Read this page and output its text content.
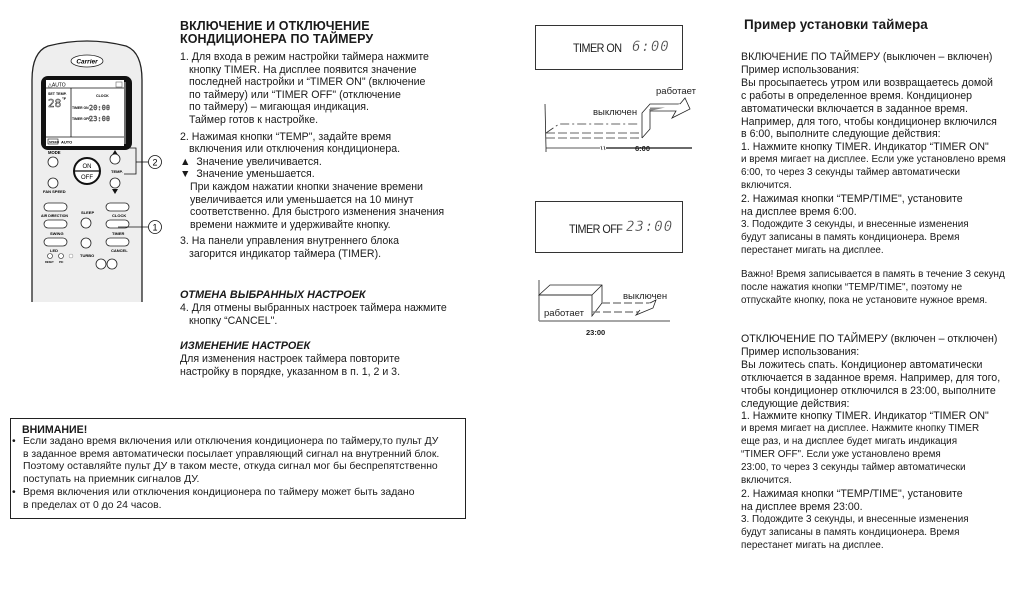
Carrier
△AUTO
SET TEMP.
28 °F	CLOCK
TIMER ON 20:00
TIMER OFF
23:00
SPEED AUTO
MODE
ON
OFF
TEMP.
FAN SPEED
AIR DIRECTION
SLEEP
CLOCK
SWING	TIMER
LED
TURBO
CANCEL
RESET PIC
2
1
ВКЛЮЧЕНИЕ И ОТКЛЮЧЕНИЕ
КОНДИЦИОНЕРА ПО ТАЙМЕРУ

1. Для входа в режим настройки таймера нажмите

кнопку TIMER. На дисплее появится значение

последней настройки и “TIMER ON" (включение

по таймеру) или “TIMER OFF" (отключение

по таймеру) – мигающая индикация.

Таймер готов к настройке.

2. Нажимая кнопки “TEMP", задайте время

включения или отключения кондиционера.

▲ Значение увеличивается.

▼ Значение уменьшается.

При каждом нажатии кнопки значение времени

увеличивается или уменьшается на 10 минут

соответственно. Для быстрого изменения значения

времени нажмите и удерживайте кнопку.

3. На панели управления внутреннего блока

загорится индикатор таймера (TIMER).

ОТМЕНА ВЫБРАННЫХ НАСТРОЕК

4. Для отмены выбранных настроек таймера нажмите

кнопку “CANCEL".

ИЗМЕНЕНИЕ НАСТРОЕК

Для изменения настроек таймера повторите

настройку в порядке, указанном в п. 1, 2 и 3.

ВНИМАНИЕ!

• Если задано время включения или отключения кондиционера по таймеру,то пульт ДУ

в заданное время автоматически посылает управляющий сигнал на внутренний блок.

Поэтому оставляйте пульт ДУ в таком месте, откуда сигнал мог бы беспрепятственно

поступать на приемник сигналов ДУ.

• Время включения или отключения кондиционера по таймеру может быть задано

в пределах от 0 до 24 часов.

TIMER ON 6:00
выключен
работает
6:00
TIMER OFF 23:00
выключен
работает
23:00
Пример установки таймера

ВКЛЮЧЕНИЕ ПО ТАЙМЕРУ (выключен – включен)

Пример использования:

Вы просыпаетесь утром или возвращаетесь домой

с работы в определенное время. Кондиционер

автоматически включается в заданное время.

Например, для того, чтобы кондиционер включился

в 6:00, выполните следующие действия:

1. Нажмите кнопку TIMER. Индикатор “TIMER ON"

и время мигает на дисплее. Если уже установлено время

6:00, то через 3 секунды таймер автоматически

включится.

2. Нажимая кнопки “TEMP/TIME", установите

на дисплее время 6:00.

3. Подождите 3 секунды, и внесенные изменения

будут записаны в память кондиционера. Время

перестанет мигать на дисплее.

Важно! Время записывается в память в течение 3 секунд

после нажатия кнопки “TEMP/TIME", поэтому не

отпускайте кнопку, пока не установите нужное время.

ОТКЛЮЧЕНИЕ ПО ТАЙМЕРУ (включен – отключен)

Пример использования:

Вы ложитесь спать. Кондиционер автоматически

отключается в заданное время. Например, для того,

чтобы кондиционер отключился в 23:00, выполните

следующие действия:

1. Нажмите кнопку TIMER. Индикатор “TIMER ON"

и время мигает на дисплее. Нажмите кнопку TIMER

еще раз, и на дисплее будет мигать индикация

“TIMER OFF". Если уже установлено время

23:00, то через 3 секунды таймер автоматически

включится.

2. Нажимая кнопки “TEMP/TIME", установите

на дисплее время 23:00.

3. Подождите 3 секунды, и внесенные изменения

будут записаны в память кондиционера. Время

перестанет мигать на дисплее.
